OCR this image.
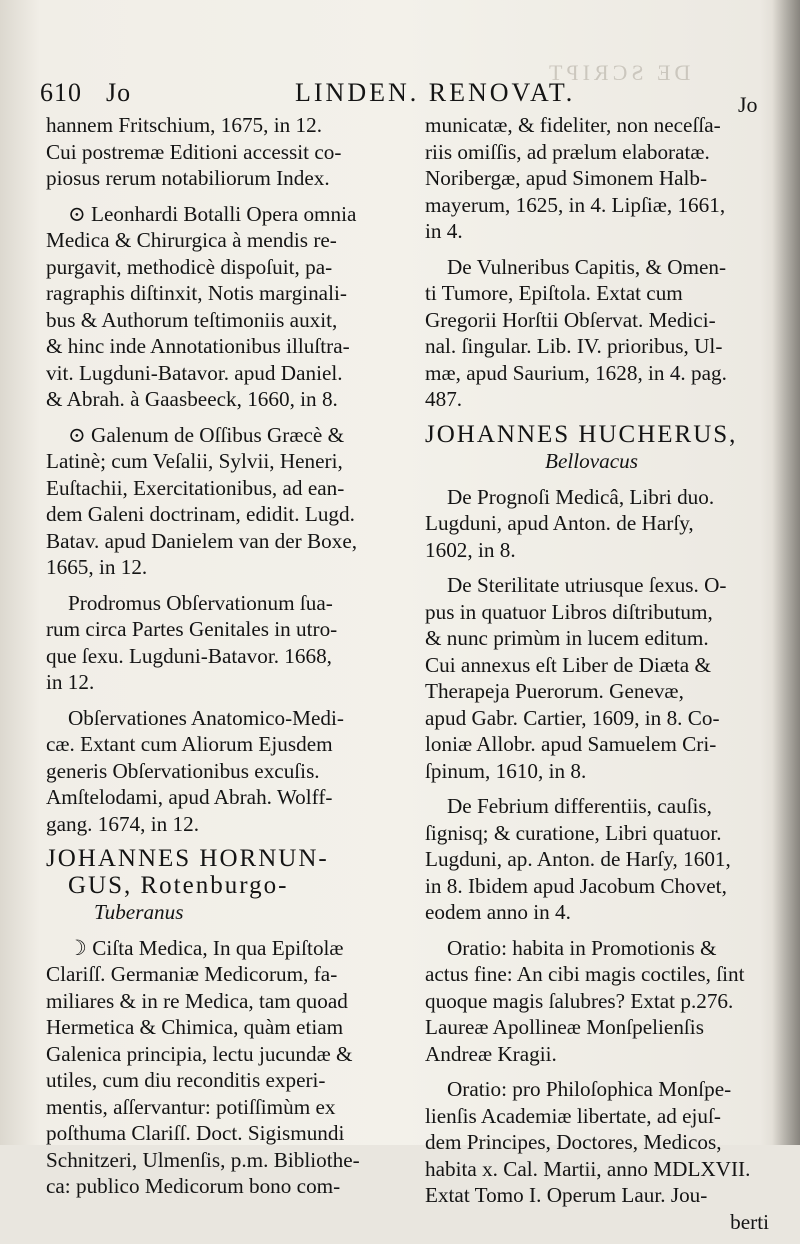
DE SCRIPT
610 Jo	LINDEN. RENOVAT.	Jo

hannem Fritschium, 1675, in 12.
Cui postremæ Editioni accessit co-
piosus rerum notabiliorum Index.

⊙ Leonhardi Botalli Opera omnia
Medica & Chirurgica à mendis re-
purgavit, methodicè dispoſuit, pa-
ragraphis diſtinxit, Notis marginali-
bus & Authorum teſtimoniis auxit,
& hinc inde Annotationibus illuſtra-
vit. Lugduni-Batavor. apud Daniel.
& Abrah. à Gaasbeeck, 1660, in 8.

⊙ Galenum de Oſſibus Græcè &
Latinè; cum Veſalii, Sylvii, Heneri,
Euſtachii, Exercitationibus, ad ean-
dem Galeni doctrinam, edidit. Lugd.
Batav. apud Danielem van der Boxe,
1665, in 12.

Prodromus Obſervationum ſua-
rum circa Partes Genitales in utro-
que ſexu. Lugduni-Batavor. 1668,
in 12.

Obſervationes Anatomico-Medi-
cæ. Extant cum Aliorum Ejusdem
generis Obſervationibus excuſis.
Amſtelodami, apud Abrah. Wolff-
gang. 1674, in 12.

JOHANNES HORNUN-
GUS, Rotenburgo-
Tuberanus

☽ Ciſta Medica, In qua Epiſtolæ
Clariſſ. Germaniæ Medicorum, fa-
miliares & in re Medica, tam quoad
Hermetica & Chimica, quàm etiam
Galenica principia, lectu jucundæ &
utiles, cum diu reconditis experi-
mentis, aſſervantur: potiſſimùm ex
poſthuma Clariſſ. Doct. Sigismundi
Schnitzeri, Ulmenſis, p.m. Bibliothe-
ca: publico Medicorum bono com-

municatæ, & fideliter, non neceſſa-
riis omiſſis, ad prælum elaboratæ.
Noribergæ, apud Simonem Halb-
mayerum, 1625, in 4. Lipſiæ, 1661,
in 4.

De Vulneribus Capitis, & Omen-
ti Tumore, Epiſtola. Extat cum
Gregorii Horſtii Obſervat. Medici-
nal. ſingular. Lib. IV. prioribus, Ul-
mæ, apud Saurium, 1628, in 4. pag.
487.

JOHANNES HUCHERUS,
Bellovacus

De Prognoſi Medicâ, Libri duo.
Lugduni, apud Anton. de Harſy,
1602, in 8.

De Sterilitate utriusque ſexus. O-
pus in quatuor Libros diſtributum,
& nunc primùm in lucem editum.
Cui annexus eſt Liber de Diæta &
Therapeja Puerorum. Genevæ,
apud Gabr. Cartier, 1609, in 8. Co-
loniæ Allobr. apud Samuelem Cri-
ſpinum, 1610, in 8.

De Febrium differentiis, cauſis,
ſignisq; & curatione, Libri quatuor.
Lugduni, ap. Anton. de Harſy, 1601,
in 8. Ibidem apud Jacobum Chovet,
eodem anno in 4.

Oratio: habita in Promotionis &
actus fine: An cibi magis coctiles, ſint
quoque magis ſalubres? Extat p.276.
Laureæ Apollineæ Monſpelienſis
Andreæ Kragii.

Oratio: pro Philoſophica Monſpe-
lienſis Academiæ libertate, ad ejuſ-
dem Principes, Doctores, Medicos,
habita x. Cal. Martii, anno MDLXVII.
Extat Tomo I. Operum Laur. Jou-
berti
